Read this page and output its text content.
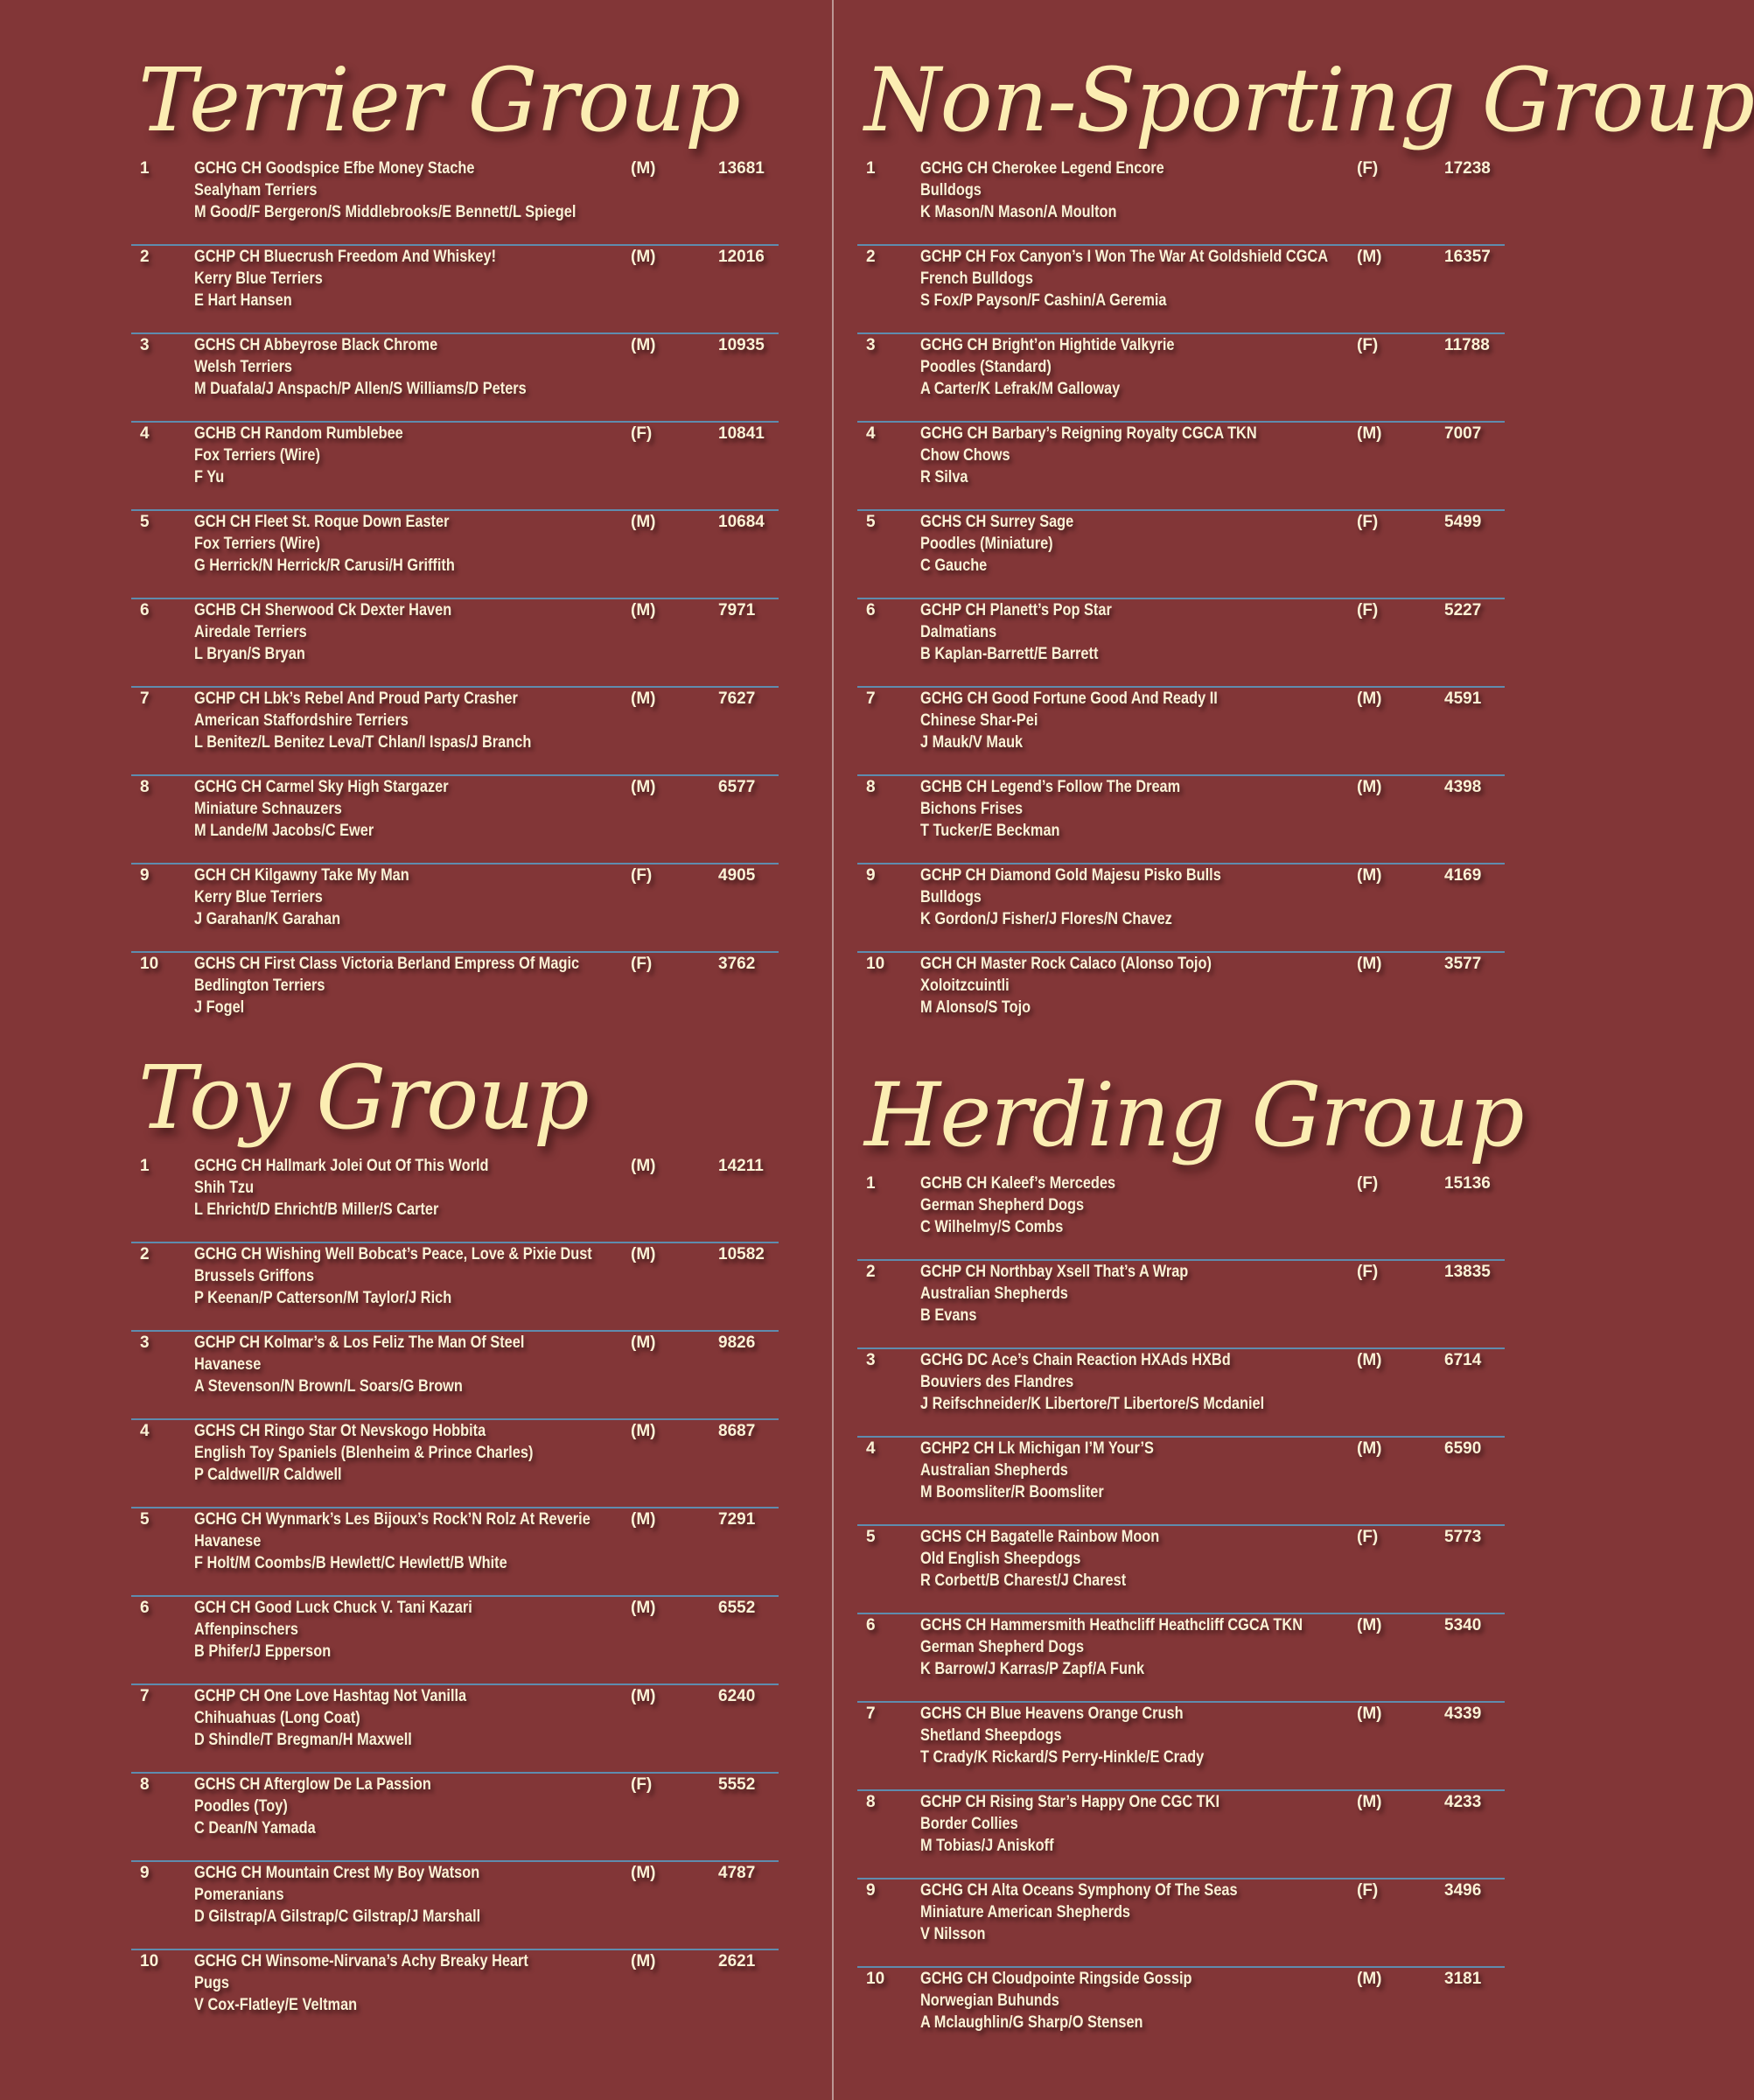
Terrier Group
1	GCHG CH Goodspice Efbe Money Stache
Sealyham Terriers
M Good/F Bergeron/S Middlebrooks/E Bennett/L Spiegel
(M)	13681
2	GCHP CH Bluecrush Freedom And Whiskey!
Kerry Blue Terriers
E Hart Hansen
(M)	12016
3	GCHS CH Abbeyrose Black Chrome
Welsh Terriers
M Duafala/J Anspach/P Allen/S Williams/D Peters
(M)	10935
4	GCHB CH Random Rumblebee
Fox Terriers (Wire)
F Yu
(F)	10841
5	GCH CH Fleet St. Roque Down Easter
Fox Terriers (Wire)
G Herrick/N Herrick/R Carusi/H Griffith
(M)	10684
6	GCHB CH Sherwood Ck Dexter Haven
Airedale Terriers
L Bryan/S Bryan
(M)	7971
7	GCHP CH Lbk’s Rebel And Proud Party Crasher
American Staffordshire Terriers
L Benitez/L Benitez Leva/T Chlan/I Ispas/J Branch
(M)	7627
8	GCHG CH Carmel Sky High Stargazer
Miniature Schnauzers
M Lande/M Jacobs/C Ewer
(M)	6577
9	GCH CH Kilgawny Take My Man
Kerry Blue Terriers
J Garahan/K Garahan
(F)	4905
10 GCHS CH First Class Victoria Berland Empress Of Magic
Bedlington Terriers
J Fogel
(F)	3762
Toy Group
1	GCHG CH Hallmark Jolei Out Of This World
Shih Tzu
L Ehricht/D Ehricht/B Miller/S Carter
(M)	14211
2	GCHG CH Wishing Well Bobcat’s Peace, Love & Pixie Dust
Brussels Griffons
P Keenan/P Catterson/M Taylor/J Rich
(M)	10582
3	GCHP CH Kolmar’s & Los Feliz The Man Of Steel
Havanese
A Stevenson/N Brown/L Soars/G Brown
(M)	9826
4	GCHS CH Ringo Star Ot Nevskogo Hobbita
English Toy Spaniels (Blenheim & Prince Charles)
P Caldwell/R Caldwell
(M)	8687
5	GCHG CH Wynmark’s Les Bijoux’s Rock’N Rolz At Reverie
Havanese
F Holt/M Coombs/B Hewlett/C Hewlett/B White
(M)	7291
6	GCH CH Good Luck Chuck V. Tani Kazari
Affenpinschers
B Phifer/J Epperson
(M)	6552
7	GCHP CH One Love Hashtag Not Vanilla
Chihuahuas (Long Coat)
D Shindle/T Bregman/H Maxwell
(M)	6240
8	GCHS CH Afterglow De La Passion
Poodles (Toy)
C Dean/N Yamada
(F)	5552
9	GCHG CH Mountain Crest My Boy Watson
Pomeranians
D Gilstrap/A Gilstrap/C Gilstrap/J Marshall
(M)	4787
10 GCHG CH Winsome-Nirvana’s Achy Breaky Heart
Pugs
V Cox-Flatley/E Veltman
(M)	2621
Non-Sporting Group
1	GCHG CH Cherokee Legend Encore
Bulldogs
K Mason/N Mason/A Moulton
(F)	17238
2	GCHP CH Fox Canyon’s I Won The War At Goldshield CGCA
French Bulldogs
S Fox/P Payson/F Cashin/A Geremia
(M)	16357
3	GCHG CH Bright’on Hightide Valkyrie
Poodles (Standard)
A Carter/K Lefrak/M Galloway
(F)	11788
4	GCHG CH Barbary’s Reigning Royalty CGCA TKN
Chow Chows
R Silva
(M)	7007
5	GCHS CH Surrey Sage
Poodles (Miniature)
C Gauche
(F)	5499
6	GCHP CH Planett’s Pop Star
Dalmatians
B Kaplan-Barrett/E Barrett
(F)	5227
7	GCHG CH Good Fortune Good And Ready II
Chinese Shar-Pei
J Mauk/V Mauk
(M)	4591
8	GCHB CH Legend’s Follow The Dream
Bichons Frises
T Tucker/E Beckman
(M)	4398
9	GCHP CH Diamond Gold Majesu Pisko Bulls
Bulldogs
K Gordon/J Fisher/J Flores/N Chavez
(M)	4169
10 GCH CH Master Rock Calaco (Alonso Tojo)
Xoloitzcuintli
M Alonso/S Tojo
(M)	3577
Herding Group
1	GCHB CH Kaleef’s Mercedes
German Shepherd Dogs
C Wilhelmy/S Combs
(F)	15136
2	GCHP CH Northbay Xsell That’s A Wrap
Australian Shepherds
B Evans
(F)	13835
3	GCHG DC Ace’s Chain Reaction HXAds HXBd
Bouviers des Flandres
J Reifschneider/K Libertore/T Libertore/S Mcdaniel
(M)	6714
4	GCHP2 CH Lk Michigan I’M Your’S
Australian Shepherds
M Boomsliter/R Boomsliter
(M)	6590
5	GCHS CH Bagatelle Rainbow Moon
Old English Sheepdogs
R Corbett/B Charest/J Charest
(F)	5773
6	GCHS CH Hammersmith Heathcliff Heathcliff CGCA TKN
German Shepherd Dogs
K Barrow/J Karras/P Zapf/A Funk
(M)	5340
7	GCHS CH Blue Heavens Orange Crush
Shetland Sheepdogs
T Crady/K Rickard/S Perry-Hinkle/E Crady
(M)	4339
8	GCHP CH Rising Star’s Happy One CGC TKI
Border Collies
M Tobias/J Aniskoff
(M)	4233
9	GCHG CH Alta Oceans Symphony Of The Seas
Miniature American Shepherds
V Nilsson
(F)	3496
10 GCHG CH Cloudpointe Ringside Gossip
Norwegian Buhunds
A Mclaughlin/G Sharp/O Stensen
(M)	3181
